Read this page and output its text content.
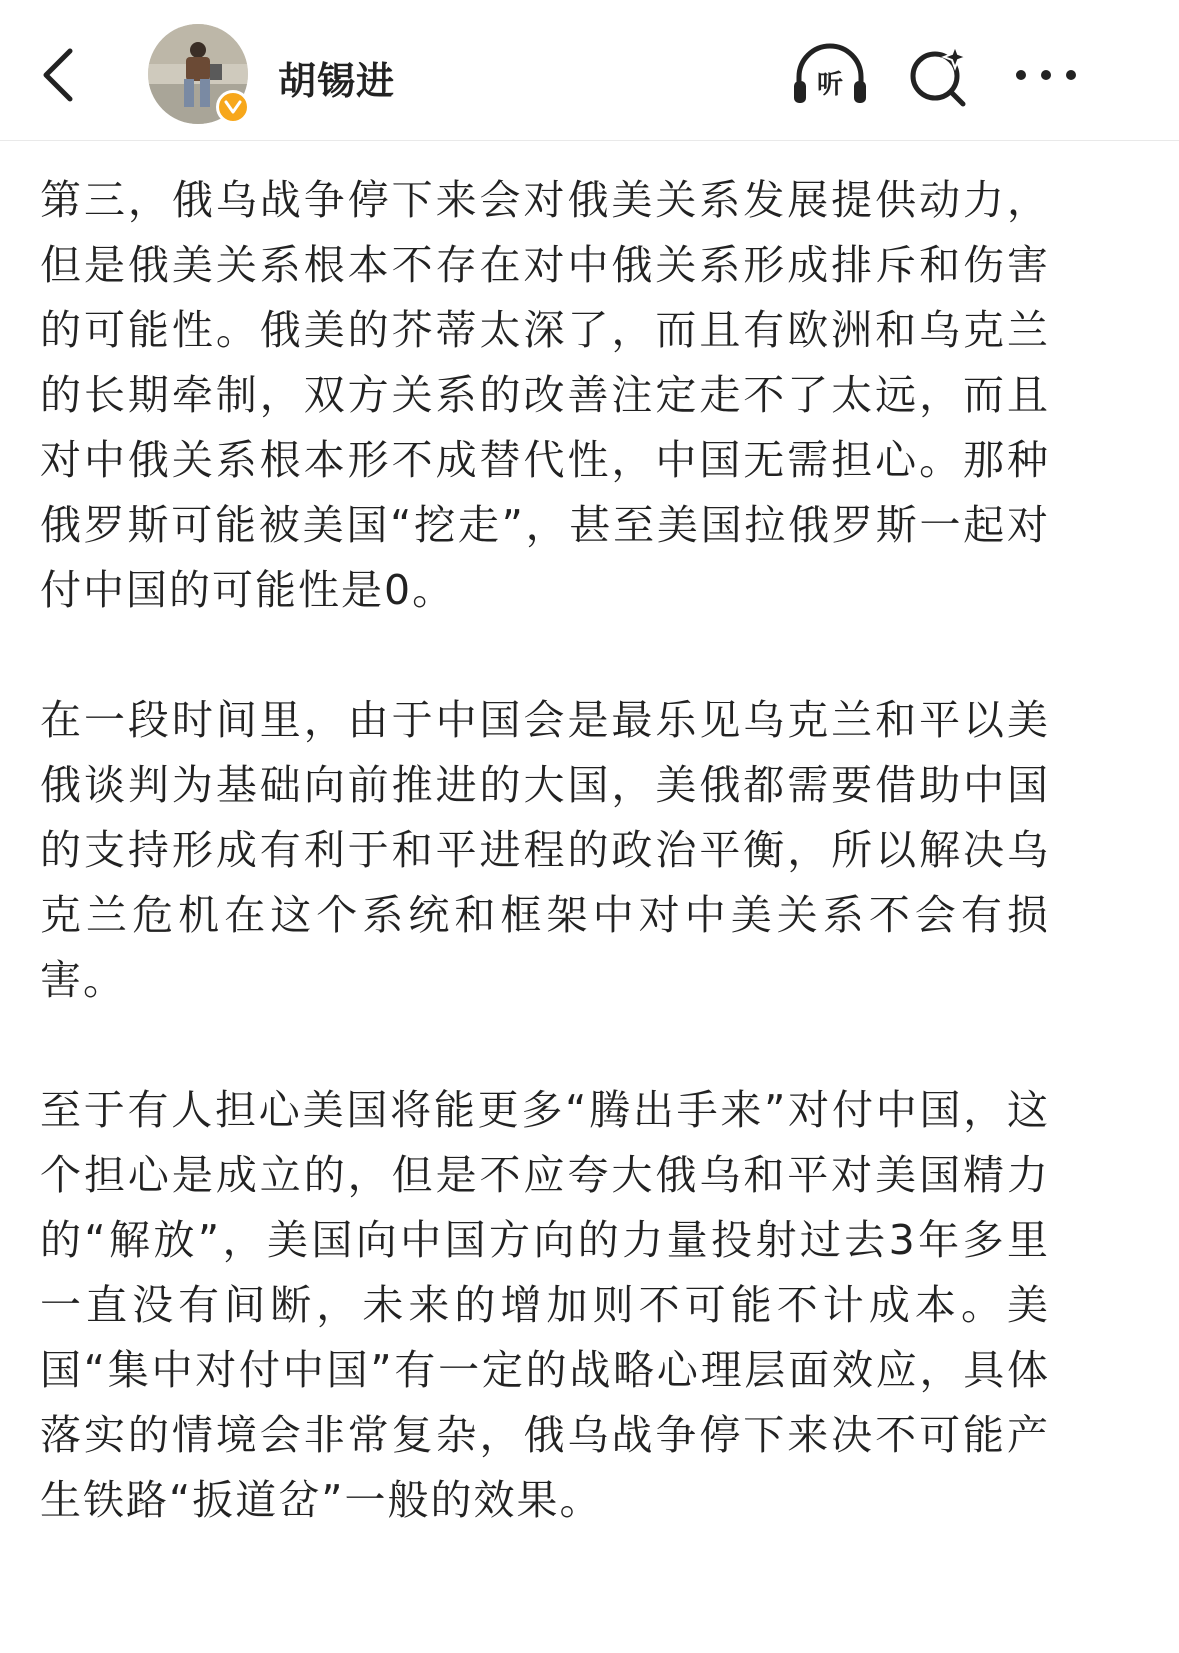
胡锡进	听

第三，俄乌战争停下来会对俄美关系发展提供动力，但是俄美关系根本不存在对中俄关系形成排斥和伤害的可能性。俄美的芥蒂太深了，而且有欧洲和乌克兰的长期牵制，双方关系的改善注定走不了太远，而且对中俄关系根本形不成替代性，中国无需担心。那种俄罗斯可能被美国“挖走”，甚至美国拉俄罗斯一起对付中国的可能性是0。

在一段时间里，由于中国会是最乐见乌克兰和平以美俄谈判为基础向前推进的大国，美俄都需要借助中国的支持形成有利于和平进程的政治平衡，所以解决乌克兰危机在这个系统和框架中对中美关系不会有损害。

至于有人担心美国将能更多“腾出手来”对付中国，这个担心是成立的，但是不应夸大俄乌和平对美国精力的“解放”，美国向中国方向的力量投射过去3年多里一直没有间断，未来的增加则不可能不计成本。美国“集中对付中国”有一定的战略心理层面效应，具体落实的情境会非常复杂，俄乌战争停下来决不可能产生铁路“扳道岔”一般的效果。
